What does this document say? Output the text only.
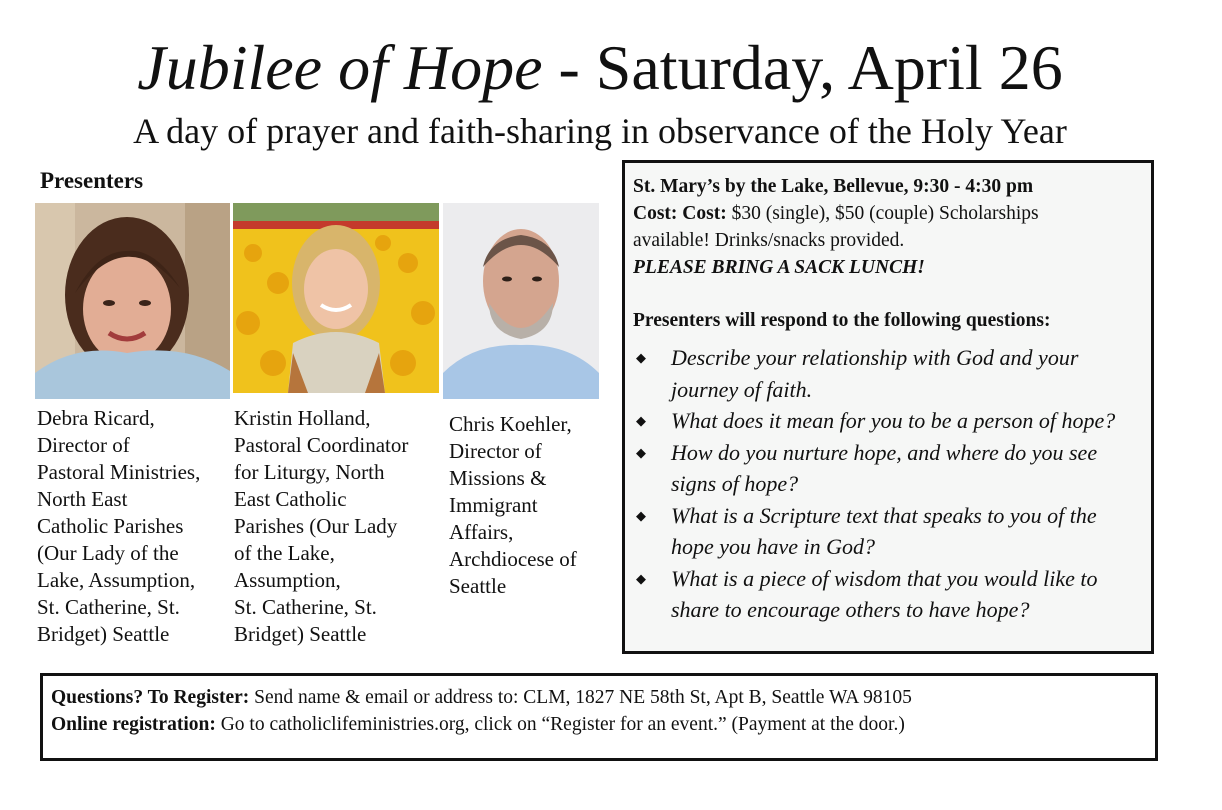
Jubilee of Hope - Saturday, April 26
A day of prayer and faith-sharing in observance of the Holy Year
Presenters
Debra Ricard,
Director of
Pastoral Ministries,
North East
Catholic Parishes
(Our Lady of the
Lake, Assumption,
St. Catherine, St.
Bridget) Seattle
Kristin Holland,
Pastoral Coordinator
for Liturgy, North
East Catholic
Parishes (Our Lady
of the Lake,
Assumption,
St. Catherine, St.
Bridget) Seattle
Chris Koehler,
Director of
Missions &
Immigrant
Affairs,
Archdiocese of
Seattle
St. Mary’s by the Lake, Bellevue, 9:30 - 4:30 pm
Cost: Cost: $30 (single), $50 (couple) Scholarships
available! Drinks/snacks provided.
PLEASE BRING A SACK LUNCH!
Presenters will respond to the following questions:
◆ Describe your relationship with God and your journey of faith.
◆ What does it mean for you to be a person of hope?
◆ How do you nurture hope, and where do you see signs of hope?
◆ What is a Scripture text that speaks to you of the hope you have in God?
◆ What is a piece of wisdom that you would like to share to encourage others to have hope?
Questions? To Register: Send name & email or address to: CLM, 1827 NE 58th St, Apt B, Seattle WA 98105
Online registration: Go to catholiclifeministries.org, click on “Register for an event.” (Payment at the door.)
